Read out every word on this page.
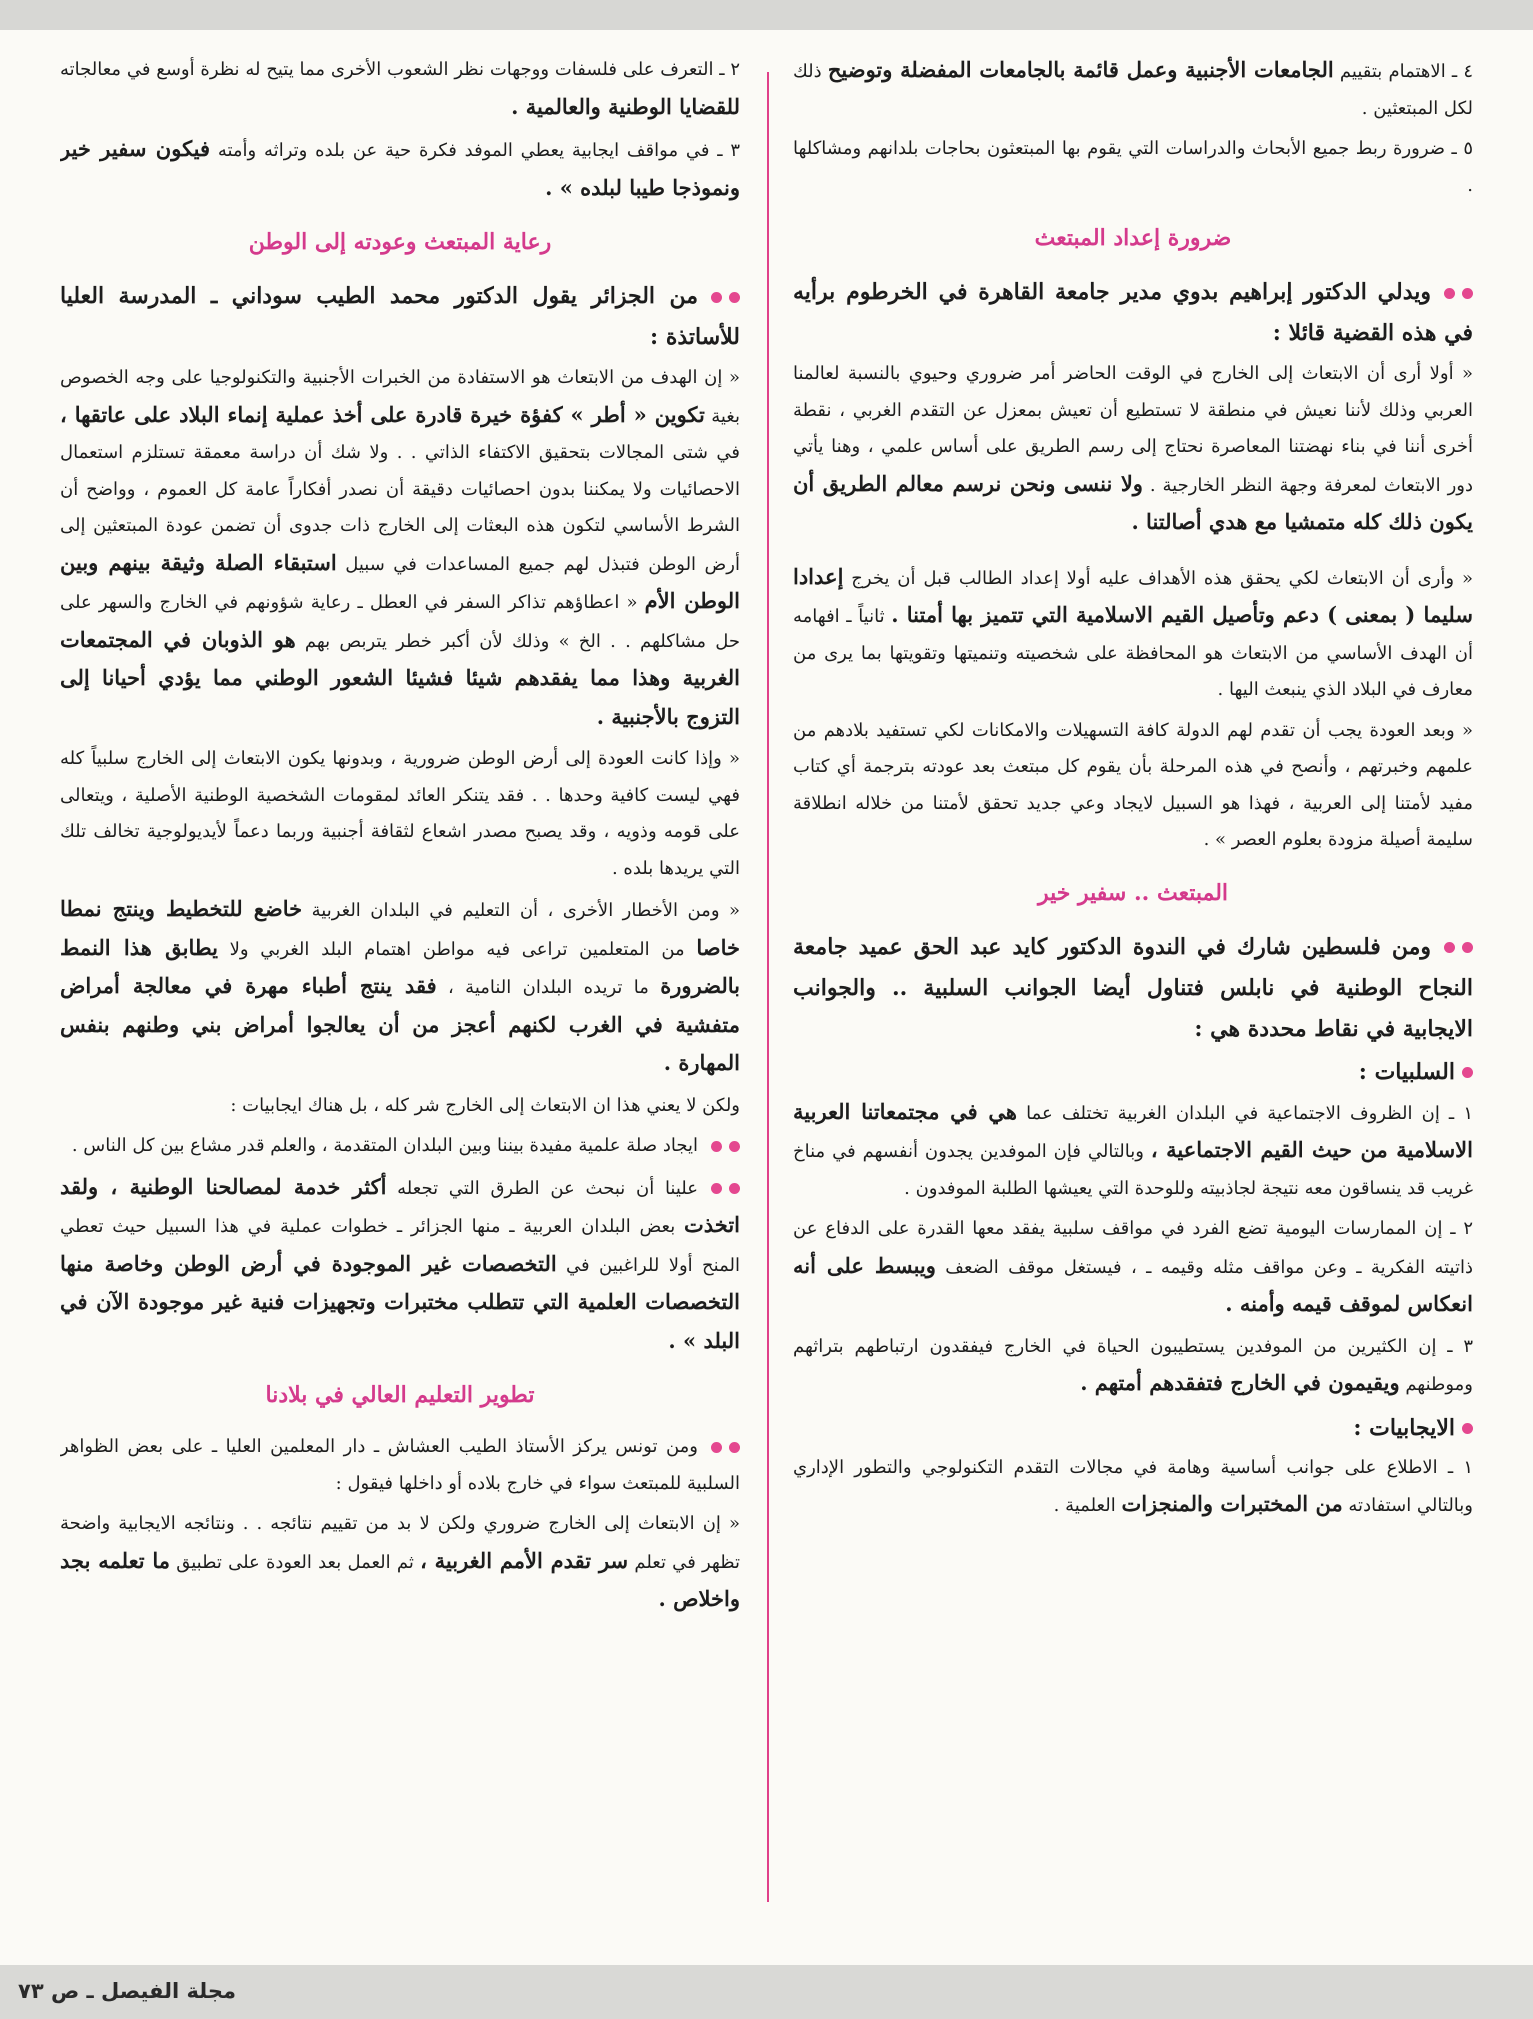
٤ ـ الاهتمام بتقييم الجامعات الأجنبية وعمل قائمة بالجامعات المفضلة وتوضيح ذلك لكل المبتعثين .

٥ ـ ضرورة ربط جميع الأبحاث والدراسات التي يقوم بها المبتعثون بحاجات بلدانهم ومشاكلها .

ضرورة إعداد المبتعث

ويدلي الدكتور إبراهيم بدوي مدير جامعة القاهرة في الخرطوم برأيه في هذه القضية قائلا :

« أولا أرى أن الابتعاث إلى الخارج في الوقت الحاضر أمر ضروري وحيوي بالنسبة لعالمنا العربي وذلك لأننا نعيش في منطقة لا تستطيع أن تعيش بمعزل عن التقدم الغربي ، نقطة أخرى أننا في بناء نهضتنا المعاصرة نحتاج إلى رسم الطريق على أساس علمي ، وهنا يأتي دور الابتعاث لمعرفة وجهة النظر الخارجية . ولا ننسى ونحن نرسم معالم الطريق أن يكون ذلك كله متمشيا مع هدي أصالتنا .

« وأرى أن الابتعاث لكي يحقق هذه الأهداف عليه أولا إعداد الطالب قبل أن يخرج إعدادا سليما ( بمعنى ) دعم وتأصيل القيم الاسلامية التي تتميز بها أمتنا . ثانياً ـ افهامه أن الهدف الأساسي من الابتعاث هو المحافظة على شخصيته وتنميتها وتقويتها بما يرى من معارف في البلاد الذي ينبعث اليها .

« وبعد العودة يجب أن تقدم لهم الدولة كافة التسهيلات والامكانات لكي تستفيد بلادهم من علمهم وخبرتهم ، وأنصح في هذه المرحلة بأن يقوم كل مبتعث بعد عودته بترجمة أي كتاب مفيد لأمتنا إلى العربية ، فهذا هو السبيل لايجاد وعي جديد تحقق لأمتنا من خلاله انطلاقة سليمة أصيلة مزودة بعلوم العصر » .

المبتعث .. سفير خير

ومن فلسطين شارك في الندوة الدكتور كايد عبد الحق عميد جامعة النجاح الوطنية في نابلس فتناول أيضا الجوانب السلبية .. والجوانب الايجابية في نقاط محددة هي :

السلبيات :

١ ـ إن الظروف الاجتماعية في البلدان الغربية تختلف عما هي في مجتمعاتنا العربية الاسلامية من حيث القيم الاجتماعية ، وبالتالي فإن الموفدين يجدون أنفسهم في مناخ غريب قد ينساقون معه نتيجة لجاذبيته وللوحدة التي يعيشها الطلبة الموفدون .

٢ ـ إن الممارسات اليومية تضع الفرد في مواقف سلبية يفقد معها القدرة على الدفاع عن ذاتيته الفكرية ـ وعن مواقف مثله وقيمه ـ ، فيستغل موقف الضعف ويبسط على أنه انعكاس لموقف قيمه وأمنه .

٣ ـ إن الكثيرين من الموفدين يستطيبون الحياة في الخارج فيفقدون ارتباطهم بتراثهم وموطنهم ويقيمون في الخارج فتفقدهم أمتهم .

الايجابيات :

١ ـ الاطلاع على جوانب أساسية وهامة في مجالات التقدم التكنولوجي والتطور الإداري وبالتالي استفادته من المختبرات والمنجزات العلمية .

٢ ـ التعرف على فلسفات ووجهات نظر الشعوب الأخرى مما يتيح له نظرة أوسع في معالجاته للقضايا الوطنية والعالمية .

٣ ـ في مواقف ايجابية يعطي الموفد فكرة حية عن بلده وتراثه وأمته فيكون سفير خير ونموذجا طيبا لبلده » .

رعاية المبتعث وعودته إلى الوطن

من الجزائر يقول الدكتور محمد الطيب سوداني ـ المدرسة العليا للأساتذة :

« إن الهدف من الابتعاث هو الاستفادة من الخبرات الأجنبية والتكنولوجيا على وجه الخصوص بغية تكوين « أطر » كفؤة خيرة قادرة على أخذ عملية إنماء البلاد على عاتقها ، في شتى المجالات بتحقيق الاكتفاء الذاتي . . ولا شك أن دراسة معمقة تستلزم استعمال الاحصائيات ولا يمكننا بدون احصائيات دقيقة أن نصدر أفكاراً عامة كل العموم ، وواضح أن الشرط الأساسي لتكون هذه البعثات إلى الخارج ذات جدوى أن تضمن عودة المبتعثين إلى أرض الوطن فتبذل لهم جميع المساعدات في سبيل استبقاء الصلة وثيقة بينهم وبين الوطن الأم « اعطاؤهم تذاكر السفر في العطل ـ رعاية شؤونهم في الخارج والسهر على حل مشاكلهم . . الخ » وذلك لأن أكبر خطر يتربص بهم هو الذوبان في المجتمعات الغربية وهذا مما يفقدهم شيئا فشيئا الشعور الوطني مما يؤدي أحيانا إلى التزوج بالأجنبية .

« وإذا كانت العودة إلى أرض الوطن ضرورية ، وبدونها يكون الابتعاث إلى الخارج سلبياً كله فهي ليست كافية وحدها . . فقد يتنكر العائد لمقومات الشخصية الوطنية الأصلية ، ويتعالى على قومه وذويه ، وقد يصبح مصدر اشعاع لثقافة أجنبية وربما دعماً لأيديولوجية تخالف تلك التي يريدها بلده .

« ومن الأخطار الأخرى ، أن التعليم في البلدان الغربية خاضع للتخطيط وينتج نمطا خاصا من المتعلمين تراعى فيه مواطن اهتمام البلد الغربي ولا يطابق هذا النمط بالضرورة ما تريده البلدان النامية ، فقد ينتج أطباء مهرة في معالجة أمراض متفشية في الغرب لكنهم أعجز من أن يعالجوا أمراض بني وطنهم بنفس المهارة .

ولكن لا يعني هذا ان الابتعاث إلى الخارج شر كله ، بل هناك ايجابيات :

ايجاد صلة علمية مفيدة بيننا وبين البلدان المتقدمة ، والعلم قدر مشاع بين كل الناس .

علينا أن نبحث عن الطرق التي تجعله أكثر خدمة لمصالحنا الوطنية ، ولقد اتخذت بعض البلدان العربية ـ منها الجزائر ـ خطوات عملية في هذا السبيل حيث تعطي المنح أولا للراغبين في التخصصات غير الموجودة في أرض الوطن وخاصة منها التخصصات العلمية التي تتطلب مختبرات وتجهيزات فنية غير موجودة الآن في البلد » .

تطوير التعليم العالي في بلادنا

ومن تونس يركز الأستاذ الطيب العشاش ـ دار المعلمين العليا ـ على بعض الظواهر السلبية للمبتعث سواء في خارج بلاده أو داخلها فيقول :

« إن الابتعاث إلى الخارج ضروري ولكن لا بد من تقييم نتائجه . . ونتائجه الايجابية واضحة تظهر في تعلم سر تقدم الأمم الغربية ، ثم العمل بعد العودة على تطبيق ما تعلمه بجد واخلاص .

مجلة الفيصل ـ ص ٧٣
